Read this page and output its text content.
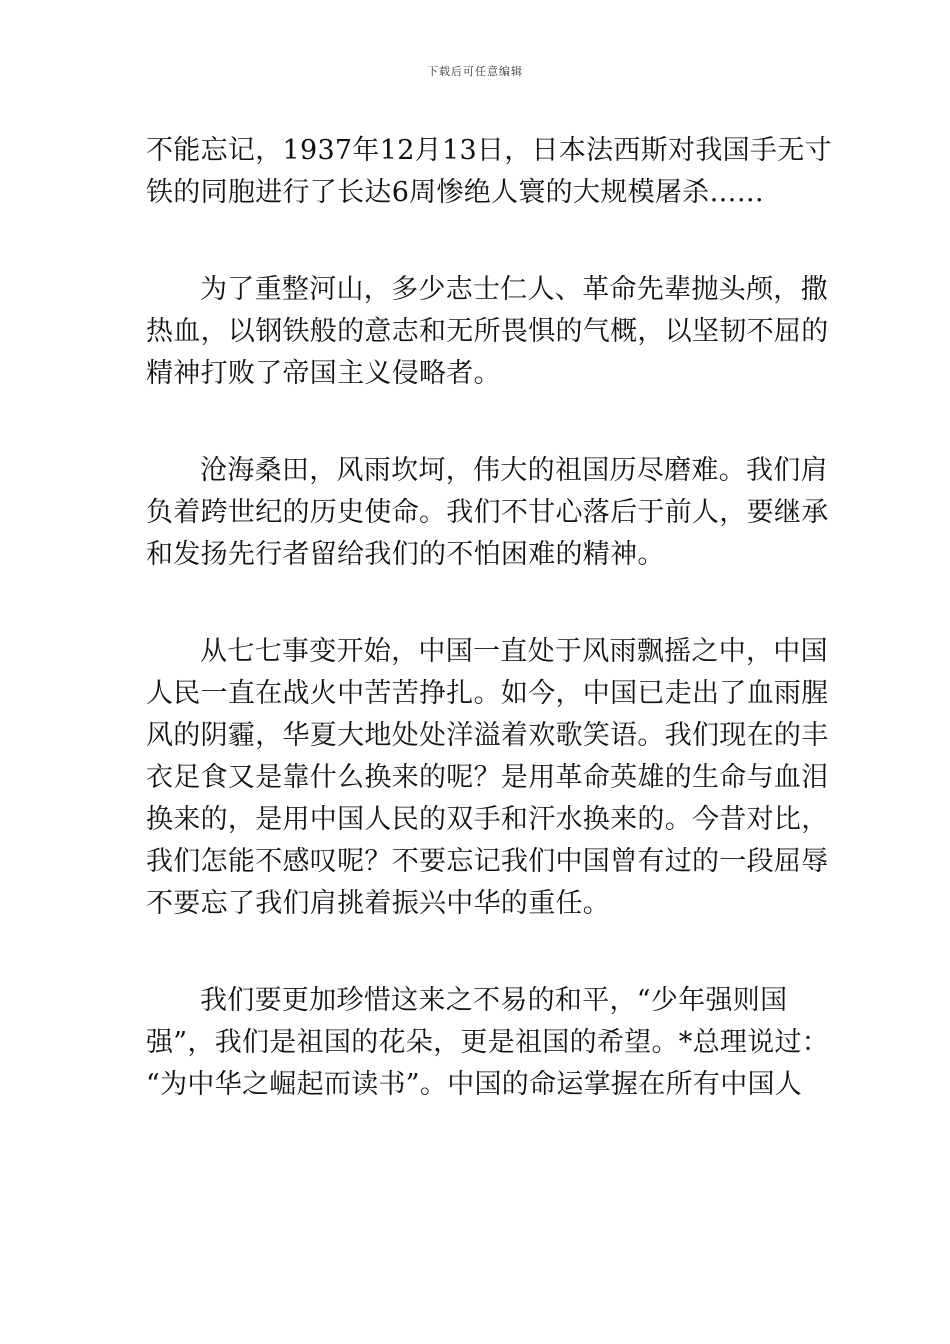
下载后可任意编辑

不能忘记，1937年12月13日，日本法西斯对我国手无寸
铁的同胞进行了长达6周惨绝人寰的大规模屠杀……

为了重整河山，多少志士仁人、革命先辈抛头颅，撒
热血，以钢铁般的意志和无所畏惧的气概，以坚韧不屈的
精神打败了帝国主义侵略者。

沧海桑田，风雨坎坷，伟大的祖国历尽磨难。我们肩
负着跨世纪的历史使命。我们不甘心落后于前人，要继承
和发扬先行者留给我们的不怕困难的精神。

从七七事变开始，中国一直处于风雨飘摇之中，中国
人民一直在战火中苦苦挣扎。如今，中国已走出了血雨腥
风的阴霾，华夏大地处处洋溢着欢歌笑语。我们现在的丰
衣足食又是靠什么换来的呢？是用革命英雄的生命与血泪
换来的，是用中国人民的双手和汗水换来的。今昔对比，
我们怎能不感叹呢？不要忘记我们中国曾有过的一段屈辱
不要忘了我们肩挑着振兴中华的重任。

我们要更加珍惜这来之不易的和平，“少年强则国
强”，我们是祖国的花朵，更是祖国的希望。*总理说过：
“为中华之崛起而读书”。中国的命运掌握在所有中国人
